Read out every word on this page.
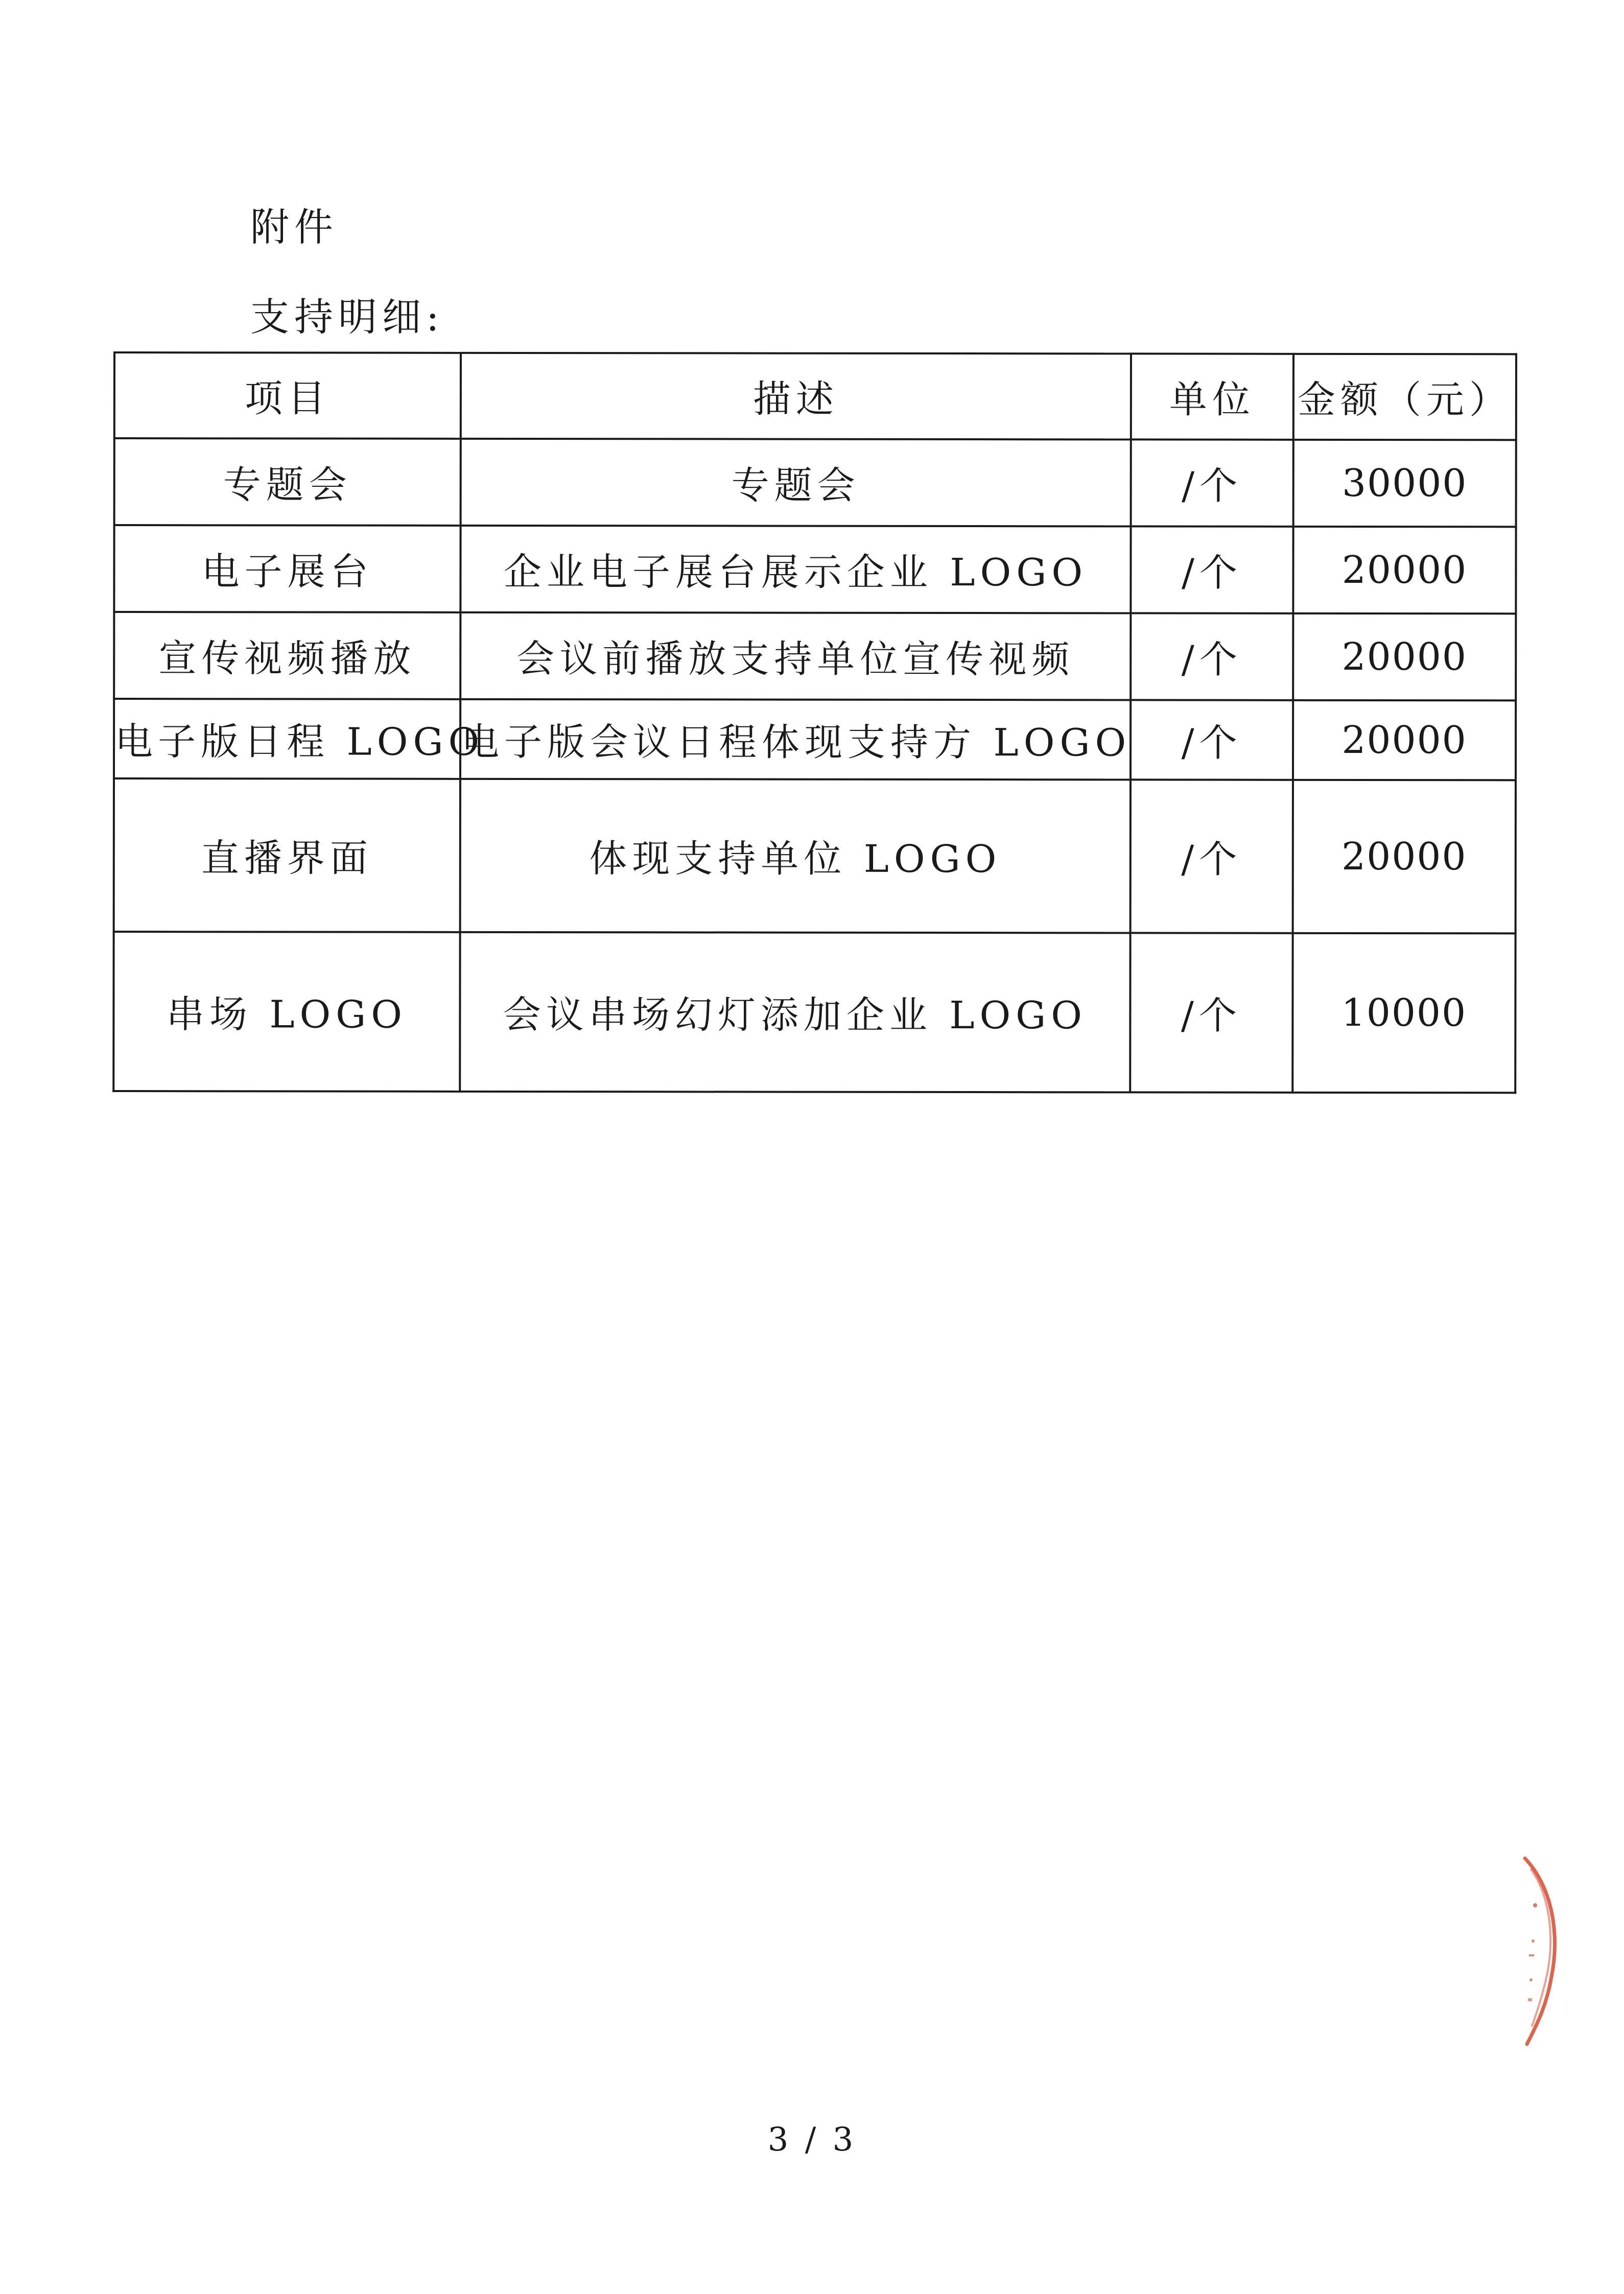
附件
支持明细:
项目	描述	单位	金额（元）
专题会	专题会	/个	30000
电子展台	企业电子展台展示企业 LOGO	/个	20000
宣传视频播放	会议前播放支持单位宣传视频	/个	20000
电子版日程 LOGO	电子版会议日程体现支持方 LOGO	/个	20000
直播界面	体现支持单位 LOGO	/个	20000
串场 LOGO	会议串场幻灯添加企业 LOGO	/个	10000
3 / 3
